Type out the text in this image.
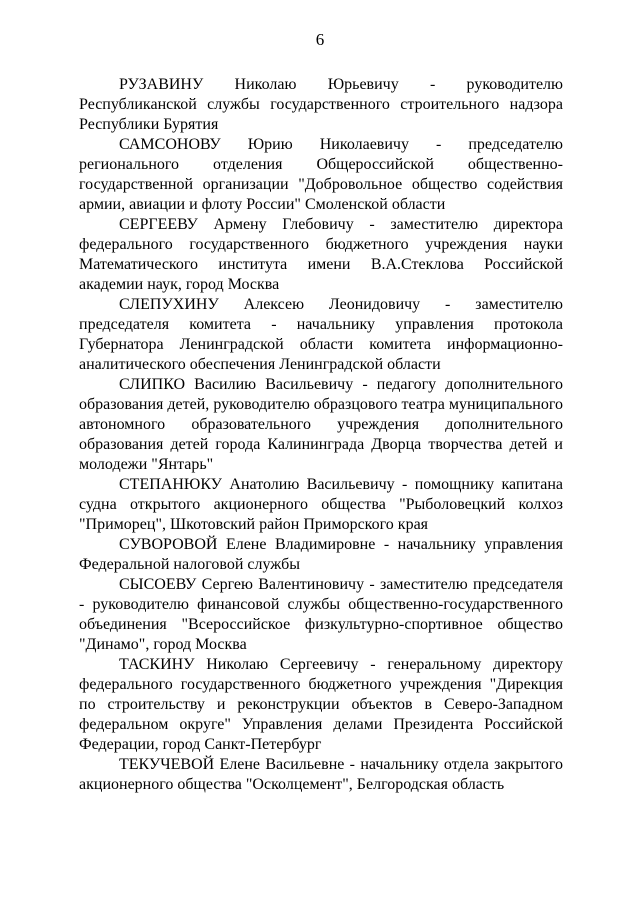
6

РУЗАВИНУ Николаю Юрьевичу - руководителю Республиканской службы государственного строительного надзора Республики Бурятия

САМСОНОВУ Юрию Николаевичу - председателю регионального отделения Общероссийской общественно-государственной организации "Добровольное общество содействия армии, авиации и флоту России" Смоленской области

СЕРГЕЕВУ Армену Глебовичу - заместителю директора федерального государственного бюджетного учреждения науки Математического института имени В.А.Стеклова Российской академии наук, город Москва

СЛЕПУХИНУ Алексею Леонидовичу - заместителю председателя комитета - начальнику управления протокола Губернатора Ленинградской области комитета информационно-аналитического обеспечения Ленинградской области

СЛИПКО Василию Васильевичу - педагогу дополнительного образования детей, руководителю образцового театра муниципального автономного образовательного учреждения дополнительного образования детей города Калининграда Дворца творчества детей и молодежи "Янтарь"

СТЕПАНЮКУ Анатолию Васильевичу - помощнику капитана судна открытого акционерного общества "Рыболовецкий колхоз "Приморец", Шкотовский район Приморского края

СУВОРОВОЙ Елене Владимировне - начальнику управления Федеральной налоговой службы

СЫСОЕВУ Сергею Валентиновичу - заместителю председателя - руководителю финансовой службы общественно-государственного объединения "Всероссийское физкультурно-спортивное общество "Динамо", город Москва

ТАСКИНУ Николаю Сергеевичу - генеральному директору федерального государственного бюджетного учреждения "Дирекция по строительству и реконструкции объектов в Северо-Западном федеральном округе" Управления делами Президента Российской Федерации, город Санкт-Петербург

ТЕКУЧЕВОЙ Елене Васильевне - начальнику отдела закрытого акционерного общества "Осколцемент", Белгородская область
